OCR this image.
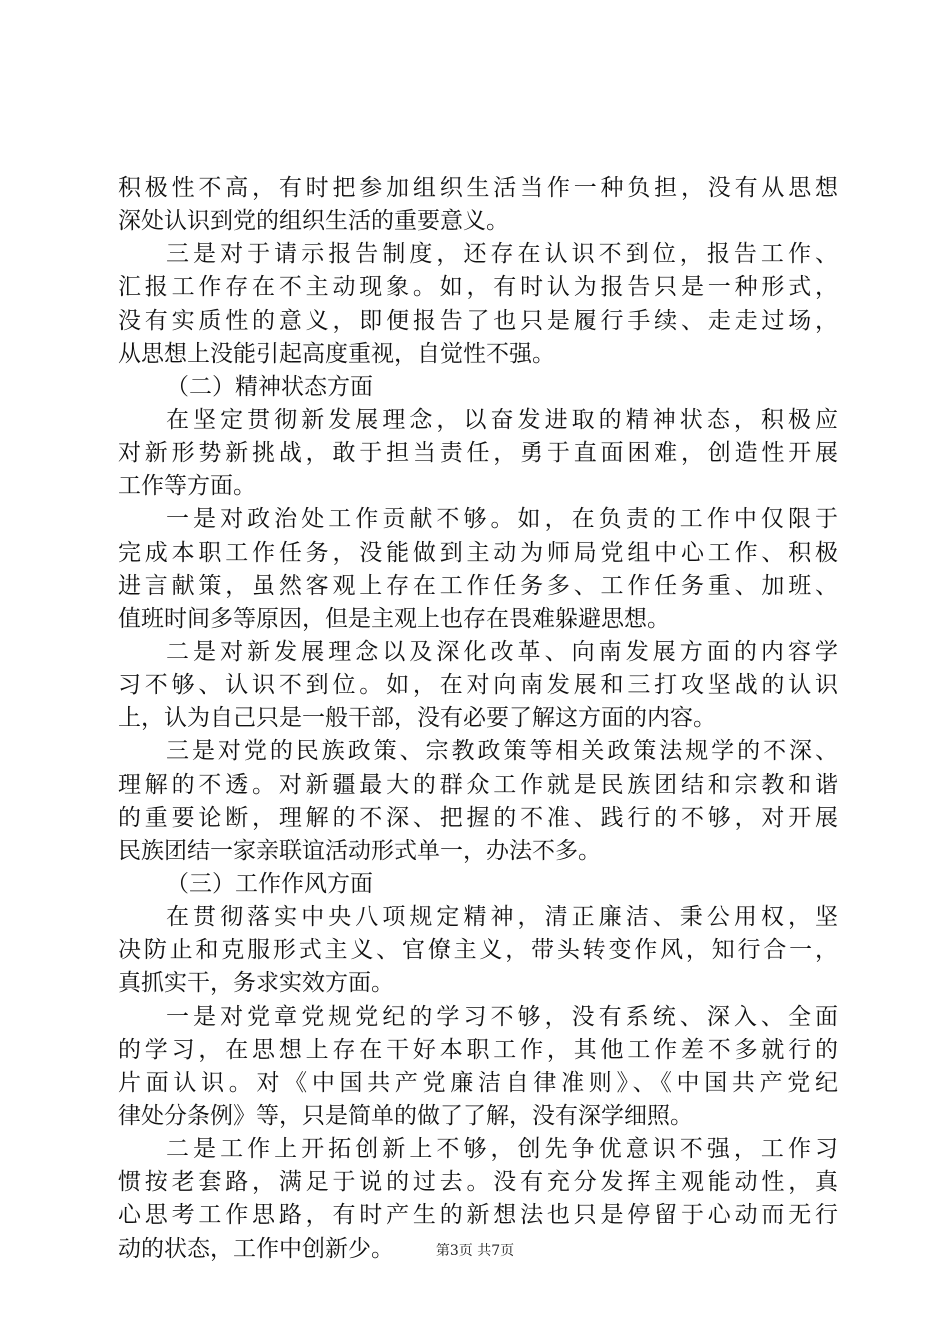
积极性不高，有时把参加组织生活当作一种负担，没有从思想
深处认识到党的组织生活的重要意义。
三是对于请示报告制度，还存在认识不到位，报告工作、
汇报工作存在不主动现象。如，有时认为报告只是一种形式，
没有实质性的意义，即便报告了也只是履行手续、走走过场，
从思想上没能引起高度重视，自觉性不强。
（二）精神状态方面
在坚定贯彻新发展理念，以奋发进取的精神状态，积极应
对新形势新挑战，敢于担当责任，勇于直面困难，创造性开展
工作等方面。
一是对政治处工作贡献不够。如，在负责的工作中仅限于
完成本职工作任务，没能做到主动为师局党组中心工作、积极
进言献策，虽然客观上存在工作任务多、工作任务重、加班、
值班时间多等原因，但是主观上也存在畏难躲避思想。
二是对新发展理念以及深化改革、向南发展方面的内容学
习不够、认识不到位。如，在对向南发展和三打攻坚战的认识
上，认为自己只是一般干部，没有必要了解这方面的内容。
三是对党的民族政策、宗教政策等相关政策法规学的不深、
理解的不透。对新疆最大的群众工作就是民族团结和宗教和谐
的重要论断，理解的不深、把握的不准、践行的不够，对开展
民族团结一家亲联谊活动形式单一，办法不多。
（三）工作作风方面
在贯彻落实中央八项规定精神，清正廉洁、秉公用权，坚
决防止和克服形式主义、官僚主义，带头转变作风，知行合一，
真抓实干，务求实效方面。
一是对党章党规党纪的学习不够，没有系统、深入、全面
的学习，在思想上存在干好本职工作，其他工作差不多就行的
片面认识。对《中国共产党廉洁自律准则》、《中国共产党纪
律处分条例》等，只是简单的做了了解，没有深学细照。
二是工作上开拓创新上不够，创先争优意识不强，工作习
惯按老套路，满足于说的过去。没有充分发挥主观能动性，真
心思考工作思路，有时产生的新想法也只是停留于心动而无行
动的状态，工作中创新少。	第3页 共7页
